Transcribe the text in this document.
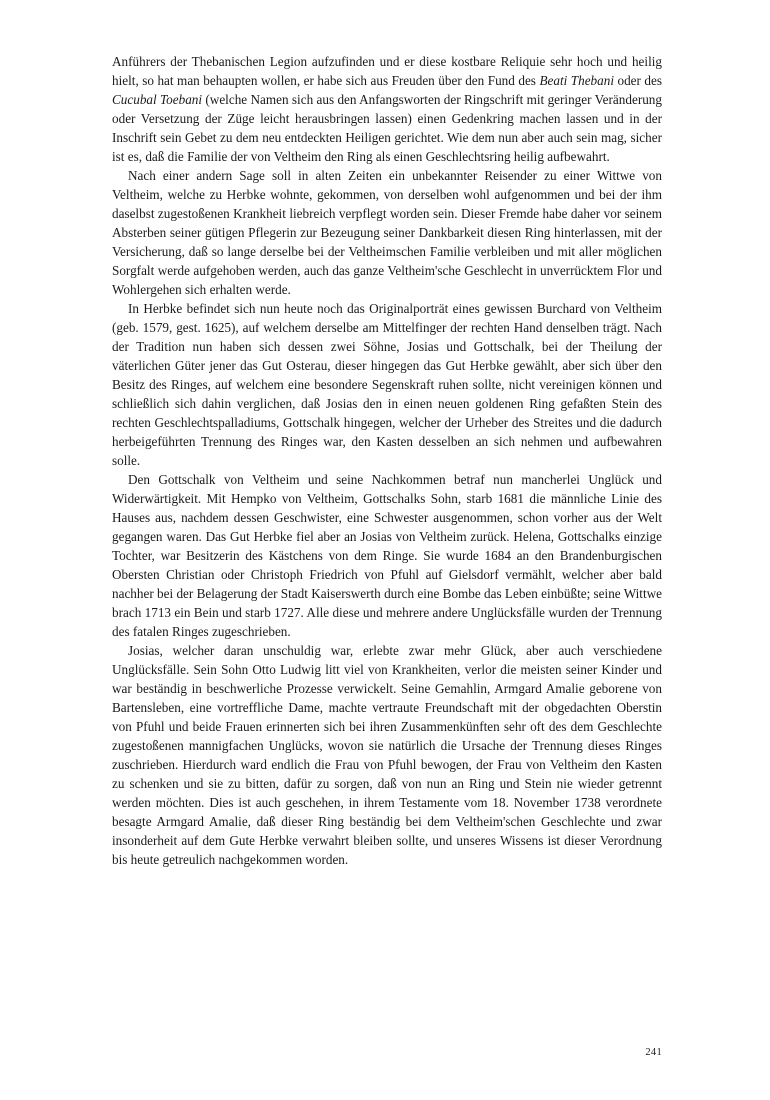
Anführers der Thebanischen Legion aufzufinden und er diese kostbare Reliquie sehr hoch und heilig hielt, so hat man behaupten wollen, er habe sich aus Freuden über den Fund des Beati Thebani oder des Cucubal Toebani (welche Namen sich aus den Anfangsworten der Ringschrift mit geringer Veränderung oder Versetzung der Züge leicht herausbringen lassen) einen Gedenkring machen lassen und in der Inschrift sein Gebet zu dem neu entdeckten Heiligen gerichtet. Wie dem nun aber auch sein mag, sicher ist es, daß die Familie der von Veltheim den Ring als einen Geschlechtsring heilig aufbewahrt.

Nach einer andern Sage soll in alten Zeiten ein unbekannter Reisender zu einer Wittwe von Veltheim, welche zu Herbke wohnte, gekommen, von derselben wohl aufgenommen und bei der ihm daselbst zugestoßenen Krankheit liebreich verpflegt worden sein. Dieser Fremde habe daher vor seinem Absterben seiner gütigen Pflegerin zur Bezeugung seiner Dankbarkeit diesen Ring hinterlassen, mit der Versicherung, daß so lange derselbe bei der Veltheimschen Familie verbleiben und mit aller möglichen Sorgfalt werde aufgehoben werden, auch das ganze Veltheim'sche Geschlecht in unverrücktem Flor und Wohlergehen sich erhalten werde.

In Herbke befindet sich nun heute noch das Originalporträt eines gewissen Burchard von Veltheim (geb. 1579, gest. 1625), auf welchem derselbe am Mittelfinger der rechten Hand denselben trägt. Nach der Tradition nun haben sich dessen zwei Söhne, Josias und Gottschalk, bei der Theilung der väterlichen Güter jener das Gut Osterau, dieser hingegen das Gut Herbke gewählt, aber sich über den Besitz des Ringes, auf welchem eine besondere Segenskraft ruhen sollte, nicht vereinigen können und schließlich sich dahin verglichen, daß Josias den in einen neuen goldenen Ring gefaßten Stein des rechten Geschlechtspalladiums, Gottschalk hingegen, welcher der Urheber des Streites und die dadurch herbeigeführten Trennung des Ringes war, den Kasten desselben an sich nehmen und aufbewahren solle.

Den Gottschalk von Veltheim und seine Nachkommen betraf nun mancherlei Unglück und Widerwärtigkeit. Mit Hempko von Veltheim, Gottschalks Sohn, starb 1681 die männliche Linie des Hauses aus, nachdem dessen Geschwister, eine Schwester ausgenommen, schon vorher aus der Welt gegangen waren. Das Gut Herbke fiel aber an Josias von Veltheim zurück. Helena, Gottschalks einzige Tochter, war Besitzerin des Kästchens von dem Ringe. Sie wurde 1684 an den Brandenburgischen Obersten Christian oder Christoph Friedrich von Pfuhl auf Gielsdorf vermählt, welcher aber bald nachher bei der Belagerung der Stadt Kaiserswerth durch eine Bombe das Leben einbüßte; seine Wittwe brach 1713 ein Bein und starb 1727. Alle diese und mehrere andere Unglücksfälle wurden der Trennung des fatalen Ringes zugeschrieben.

Josias, welcher daran unschuldig war, erlebte zwar mehr Glück, aber auch verschiedene Unglücksfälle. Sein Sohn Otto Ludwig litt viel von Krankheiten, verlor die meisten seiner Kinder und war beständig in beschwerliche Prozesse verwickelt. Seine Gemahlin, Armgard Amalie geborene von Bartensleben, eine vortreffliche Dame, machte vertraute Freundschaft mit der obgedachten Oberstin von Pfuhl und beide Frauen erinnerten sich bei ihren Zusammenkünften sehr oft des dem Geschlechte zugestoßenen mannigfachen Unglücks, wovon sie natürlich die Ursache der Trennung dieses Ringes zuschrieben. Hierdurch ward endlich die Frau von Pfuhl bewogen, der Frau von Veltheim den Kasten zu schenken und sie zu bitten, dafür zu sorgen, daß von nun an Ring und Stein nie wieder getrennt werden möchten. Dies ist auch geschehen, in ihrem Testamente vom 18. November 1738 verordnete besagte Armgard Amalie, daß dieser Ring beständig bei dem Veltheim'schen Geschlechte und zwar insonderheit auf dem Gute Herbke verwahrt bleiben sollte, und unseres Wissens ist dieser Verordnung bis heute getreulich nachgekommen worden.

241
